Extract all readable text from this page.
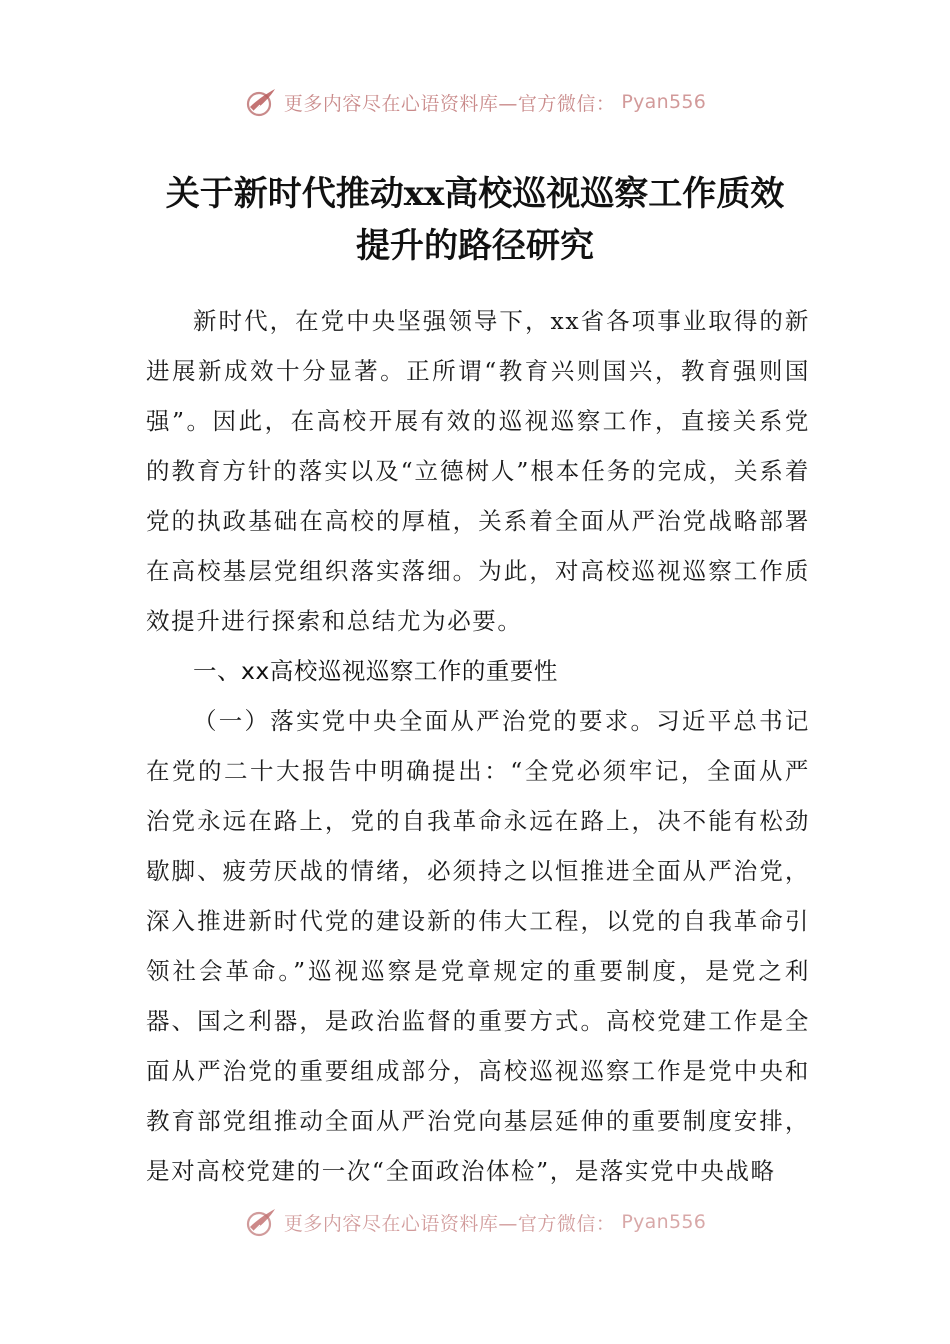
更多内容尽在心语资料库—官方微信： Pyan556
关于新时代推动xx高校巡视巡察工作质效
提升的路径研究

新时代，在党中央坚强领导下，xx省各项事业取得的新进展新成效十分显著。正所谓“教育兴则国兴，教育强则国强”。因此，在高校开展有效的巡视巡察工作，直接关系党的教育方针的落实以及“立德树人”根本任务的完成，关系着党的执政基础在高校的厚植，关系着全面从严治党战略部署在高校基层党组织落实落细。为此，对高校巡视巡察工作质效提升进行探索和总结尤为必要。

一、xx高校巡视巡察工作的重要性

（一）落实党中央全面从严治党的要求。习近平总书记在党的二十大报告中明确提出：“全党必须牢记，全面从严治党永远在路上，党的自我革命永远在路上，决不能有松劲歇脚、疲劳厌战的情绪，必须持之以恒推进全面从严治党，深入推进新时代党的建设新的伟大工程，以党的自我革命引领社会革命。”巡视巡察是党章规定的重要制度，是党之利器、国之利器，是政治监督的重要方式。高校党建工作是全面从严治党的重要组成部分，高校巡视巡察工作是党中央和教育部党组推动全面从严治党向基层延伸的重要制度安排，是对高校党建的一次“全面政治体检”，是落实党中央战略

更多内容尽在心语资料库—官方微信： Pyan556
